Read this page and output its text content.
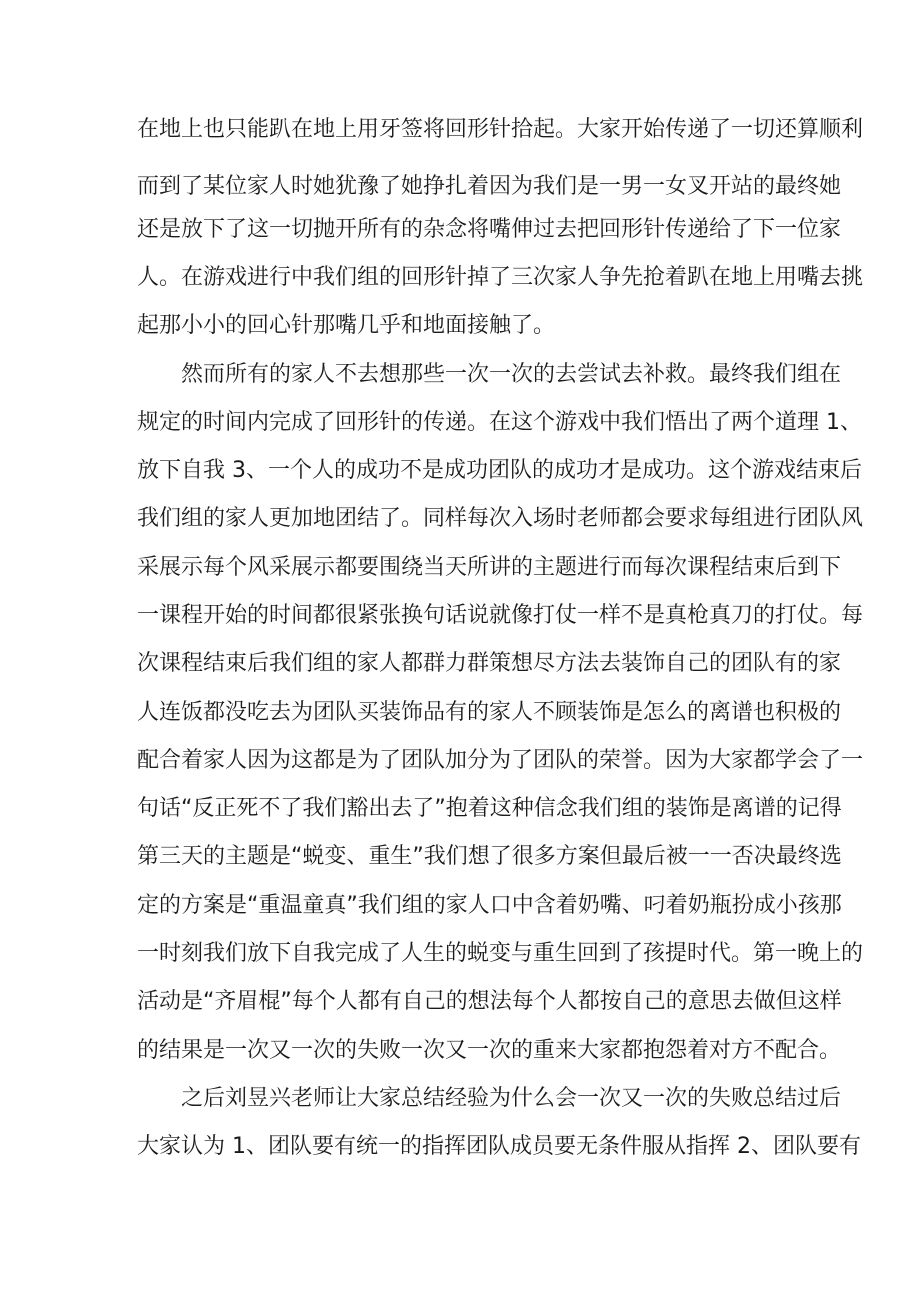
在地上也只能趴在地上用牙签将回形针拾起。大家开始传递了一切还算顺利
而到了某位家人时她犹豫了她挣扎着因为我们是一男一女叉开站的最终她
还是放下了这一切抛开所有的杂念将嘴伸过去把回形针传递给了下一位家
人。在游戏进行中我们组的回形针掉了三次家人争先抢着趴在地上用嘴去挑
起那小小的回心针那嘴几乎和地面接触了。
然而所有的家人不去想那些一次一次的去尝试去补救。最终我们组在
规定的时间内完成了回形针的传递。在这个游戏中我们悟出了两个道理 1、
放下自我 3、一个人的成功不是成功团队的成功才是成功。这个游戏结束后
我们组的家人更加地团结了。同样每次入场时老师都会要求每组进行团队风
采展示每个风采展示都要围绕当天所讲的主题进行而每次课程结束后到下
一课程开始的时间都很紧张换句话说就像打仗一样不是真枪真刀的打仗。每
次课程结束后我们组的家人都群力群策想尽方法去装饰自己的团队有的家
人连饭都没吃去为团队买装饰品有的家人不顾装饰是怎么的离谱也积极的
配合着家人因为这都是为了团队加分为了团队的荣誉。因为大家都学会了一
句话“反正死不了我们豁出去了”抱着这种信念我们组的装饰是离谱的记得
第三天的主题是“蜕变、重生”我们想了很多方案但最后被一一否决最终选
定的方案是“重温童真”我们组的家人口中含着奶嘴、叼着奶瓶扮成小孩那
一时刻我们放下自我完成了人生的蜕变与重生回到了孩提时代。第一晚上的
活动是“齐眉棍”每个人都有自己的想法每个人都按自己的意思去做但这样
的结果是一次又一次的失败一次又一次的重来大家都抱怨着对方不配合。
之后刘昱兴老师让大家总结经验为什么会一次又一次的失败总结过后
大家认为 1、团队要有统一的指挥团队成员要无条件服从指挥 2、团队要有
